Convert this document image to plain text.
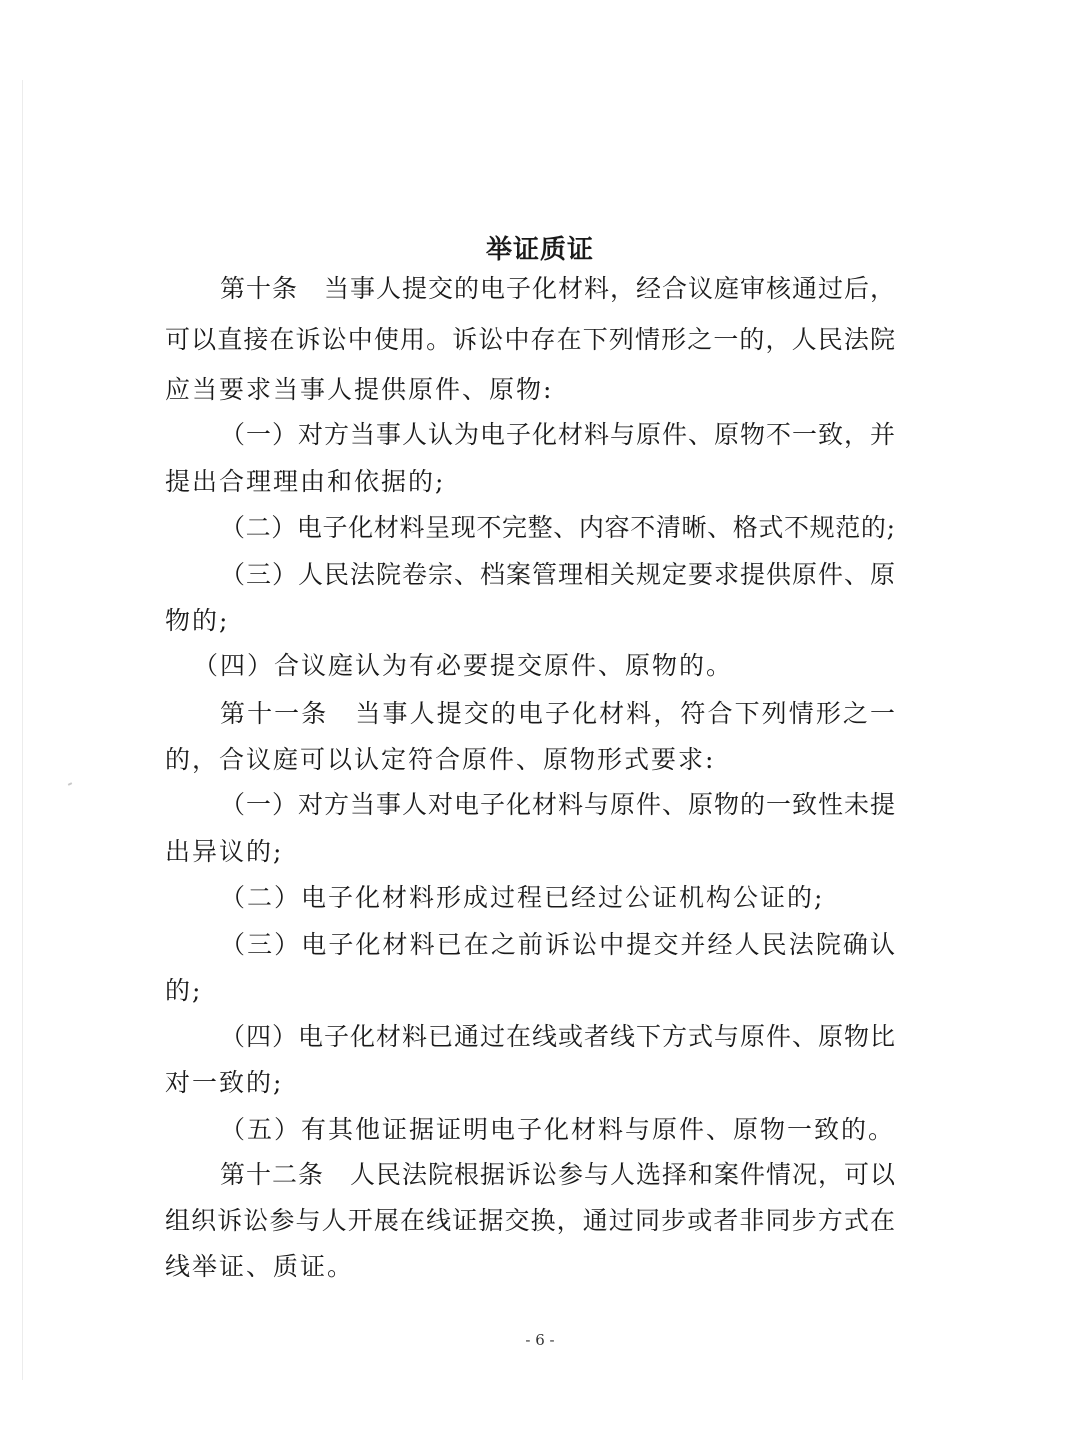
举证质证
第十条　当事人提交的电子化材料，经合议庭审核通过后，
可以直接在诉讼中使用。诉讼中存在下列情形之一的，人民法院
应当要求当事人提供原件、原物:
（一）对方当事人认为电子化材料与原件、原物不一致，并
提出合理理由和依据的;
（二）电子化材料呈现不完整、内容不清晰、格式不规范的;
（三）人民法院卷宗、档案管理相关规定要求提供原件、原
物的;
（四）合议庭认为有必要提交原件、原物的。
第十一条　当事人提交的电子化材料，符合下列情形之一
的，合议庭可以认定符合原件、原物形式要求:
（一）对方当事人对电子化材料与原件、原物的一致性未提
出异议的;
（二）电子化材料形成过程已经过公证机构公证的;
（三）电子化材料已在之前诉讼中提交并经人民法院确认
的;
（四）电子化材料已通过在线或者线下方式与原件、原物比
对一致的;
（五）有其他证据证明电子化材料与原件、原物一致的。
第十二条　人民法院根据诉讼参与人选择和案件情况，可以
组织诉讼参与人开展在线证据交换，通过同步或者非同步方式在
线举证、质证。
- 6 -
